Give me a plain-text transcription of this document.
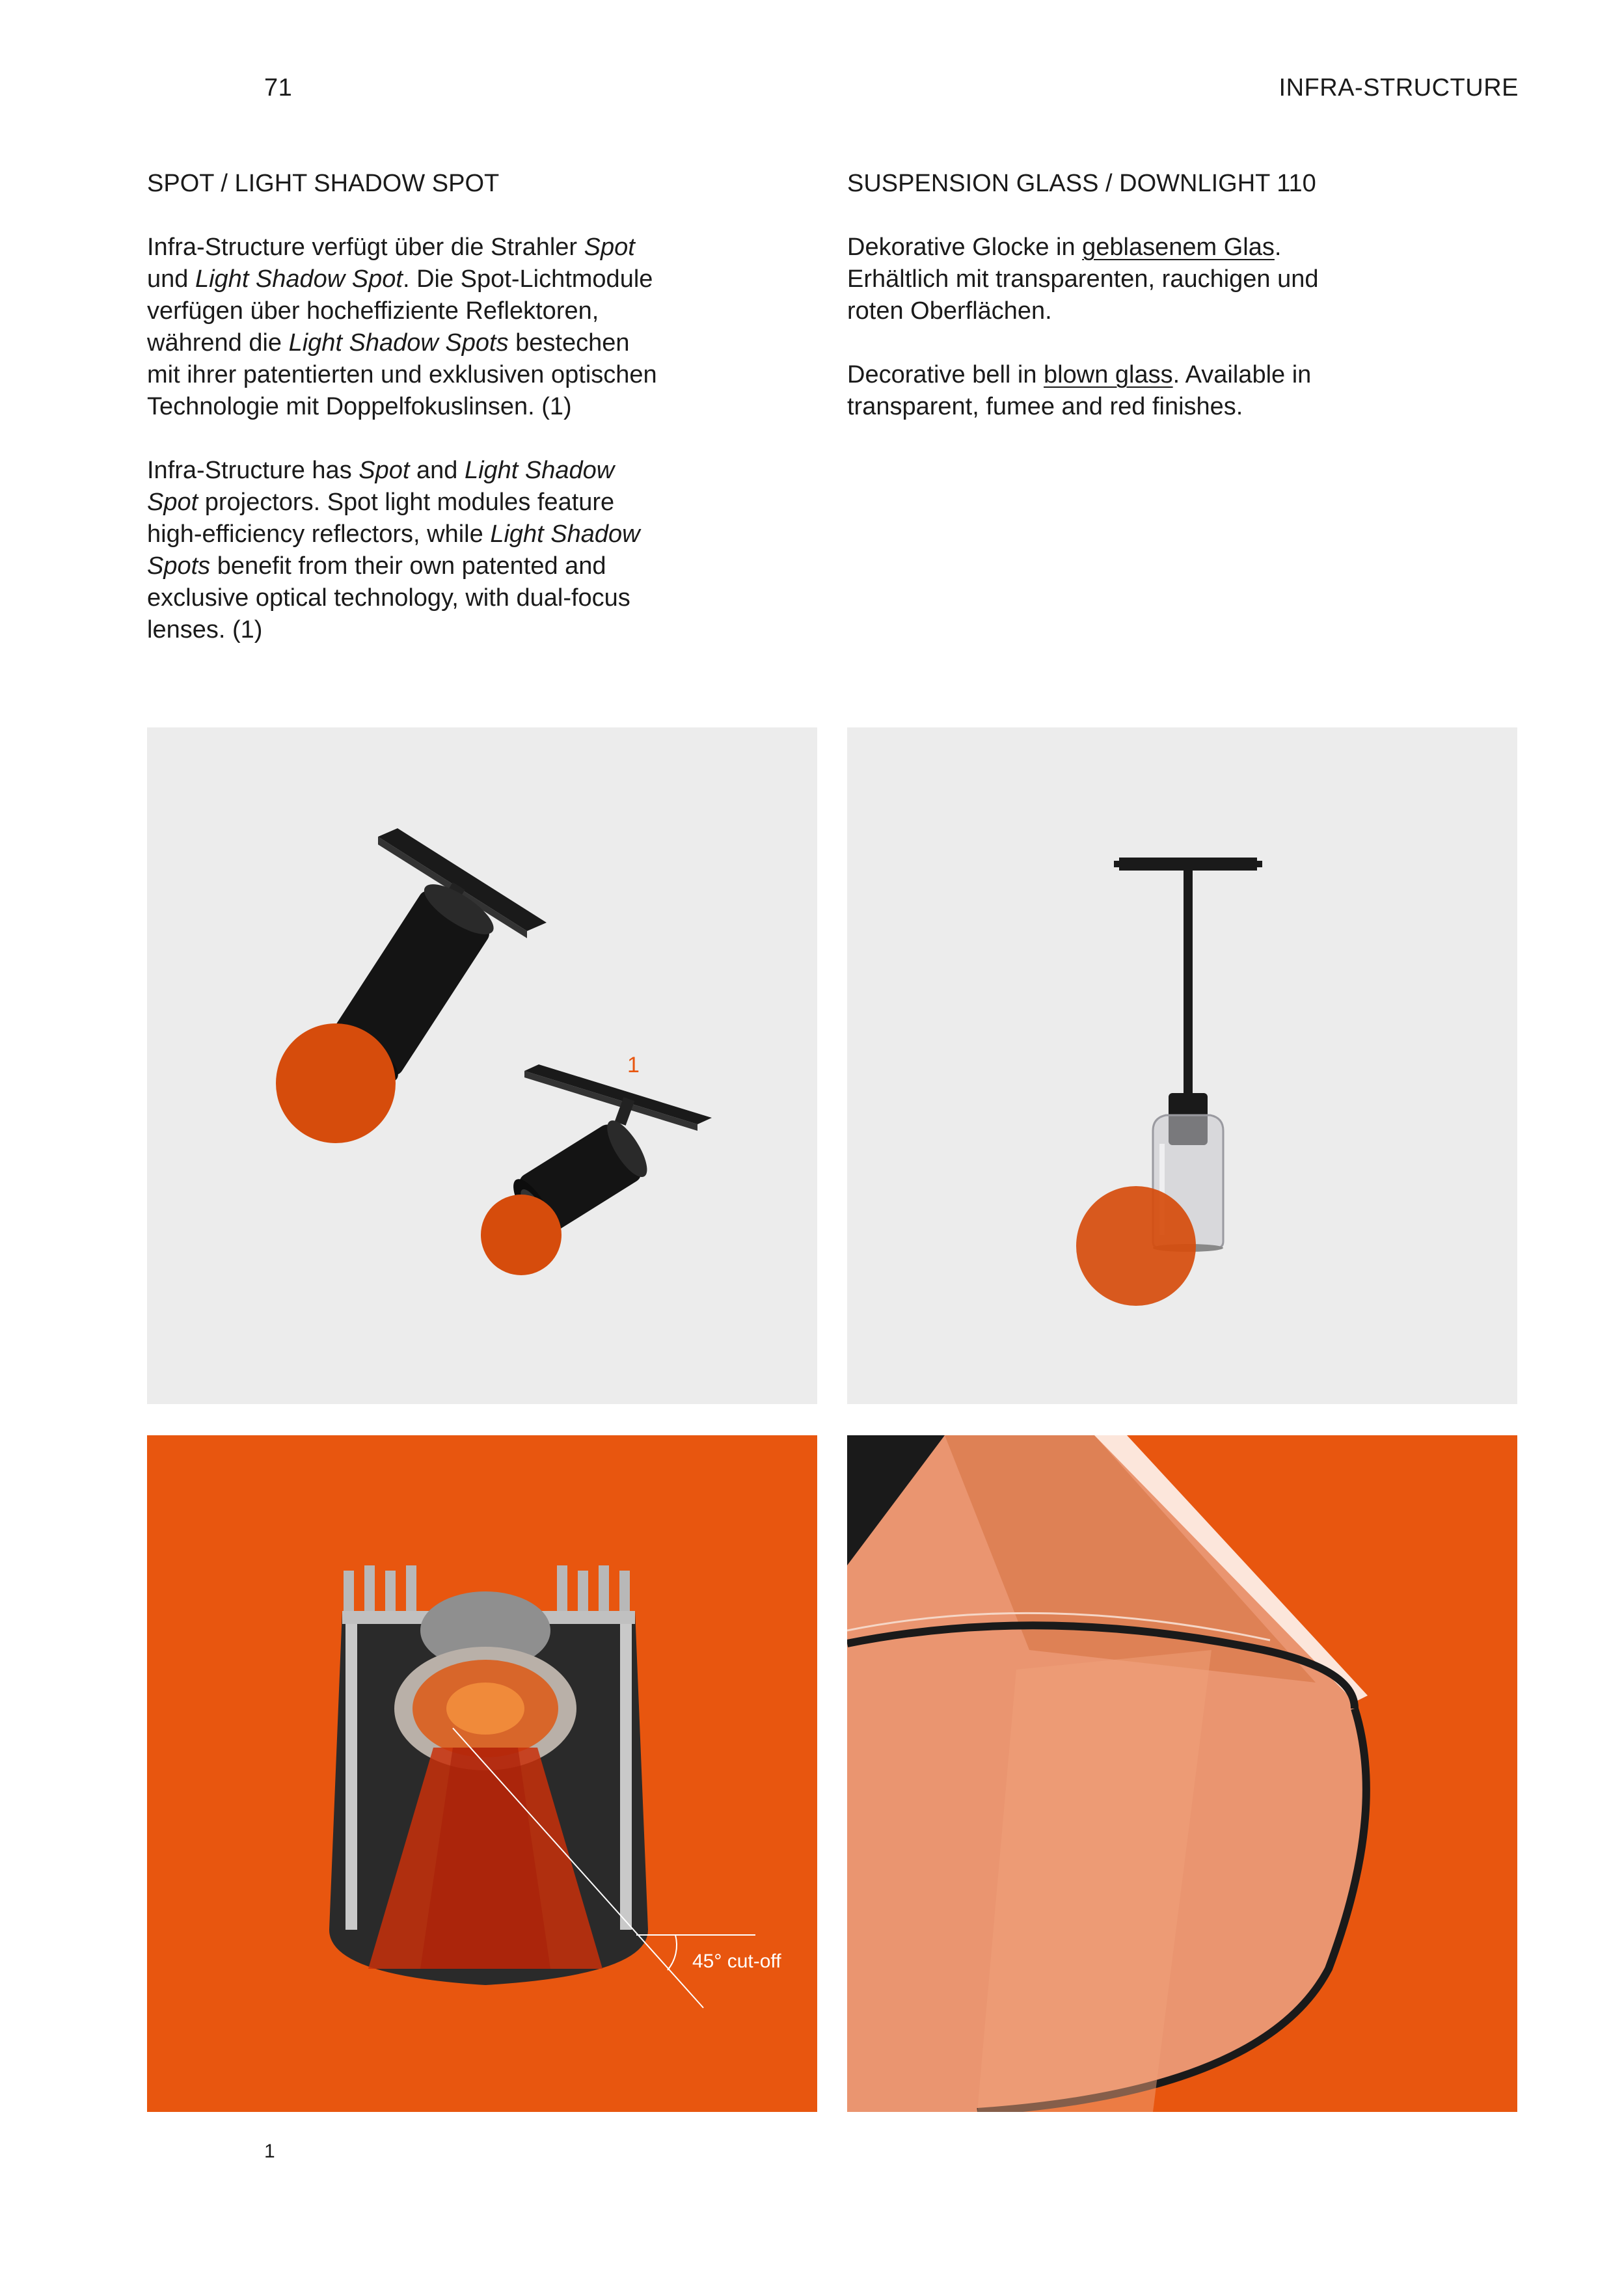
71	INFRA-STRUCTURE

SPOT / LIGHT SHADOW SPOT

Infra-Structure verfügt über die Strahler Spot
und Light Shadow Spot. Die Spot-Lichtmodule
verfügen über hocheffiziente Reflektoren,
während die Light Shadow Spots bestechen
mit ihrer patentierten und exklusiven optischen
Technologie mit Doppelfokuslinsen. (1)

Infra-Structure has Spot and Light Shadow
Spot projectors. Spot light modules feature
high-efficiency reflectors, while Light Shadow
Spots benefit from their own patented and
exclusive optical technology, with dual-focus
lenses. (1)

SUSPENSION GLASS / DOWNLIGHT 110

Dekorative Glocke in geblasenem Glas.
Erhältlich mit transparenten, rauchigen und
roten Oberflächen.

Decorative bell in blown glass. Available in
transparent, fumee and red finishes.

1
45° cut-off
1
